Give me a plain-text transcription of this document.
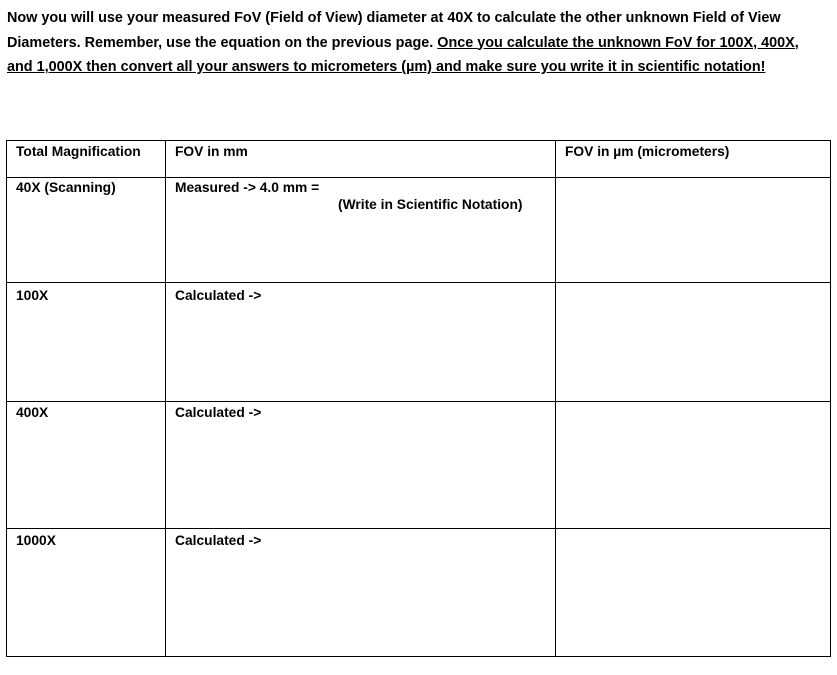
Now you will use your measured FoV (Field of View) diameter at 40X to calculate the other unknown Field of View Diameters. Remember, use the equation on the previous page. Once you calculate the unknown FoV for 100X, 400X, and 1,000X then convert all your answers to micrometers (µm) and make sure you write it in scientific notation!
Total Magnification	FOV in mm	FOV in µm (micrometers)
40X (Scanning)	Measured -> 4.0 mm =
(Write in Scientific Notation)	

100X	Calculated ->	
400X	Calculated ->	
1000X	Calculated ->	
